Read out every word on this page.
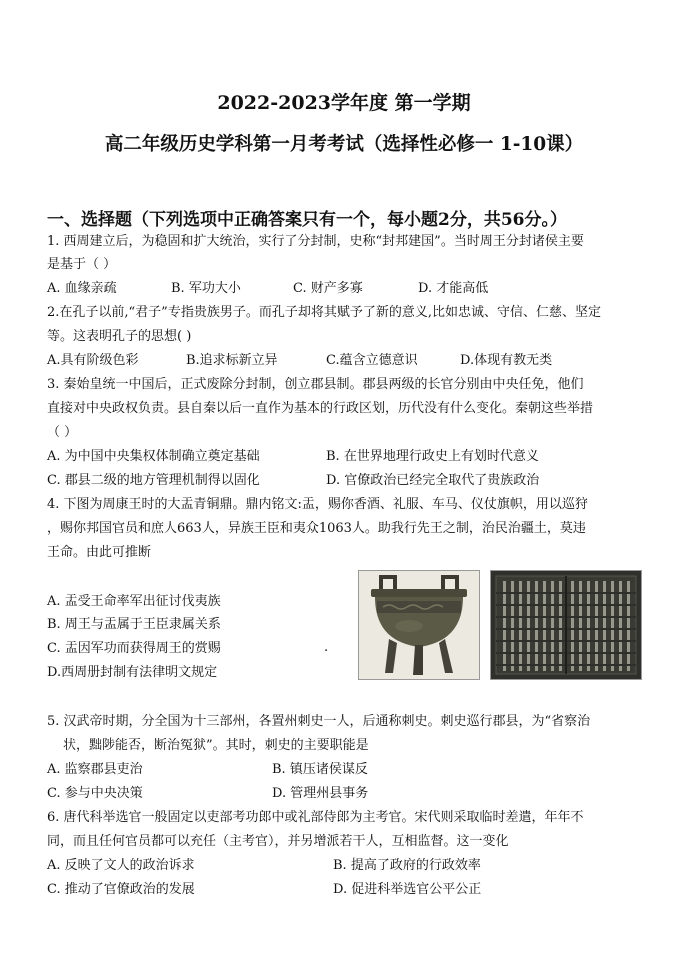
2022-2023学年度 第一学期
高二年级历史学科第一月考考试（选择性必修一 1-10课）
一、选择题（下列选项中正确答案只有一个，每小题2分，共56分。）
1. 西周建立后，为稳固和扩大统治，实行了分封制，史称“封邦建国”。当时周王分封诸侯主要
是基于（ ）
A. 血缘亲疏	B. 军功大小	C. 财产多寡	D. 才能高低
2.在孔子以前,“君子”专指贵族男子。而孔子却将其赋予了新的意义,比如忠诚、守信、仁慈、坚定
等。这表明孔子的思想( )
A.具有阶级色彩	B.追求标新立异	C.蕴含立德意识	D.体现有教无类
3. 秦始皇统一中国后，正式废除分封制，创立郡县制。郡县两级的长官分别由中央任免，他们
直接对中央政权负责。县自秦以后一直作为基本的行政区划，历代没有什么变化。秦朝这些举措
（ ）
A. 为中国中央集权体制确立奠定基础	B. 在世界地理行政史上有划时代意义
C. 郡县二级的地方管理机制得以固化	D. 官僚政治已经完全取代了贵族政治
4. 下图为周康王时的大盂青铜鼎。鼎内铭文:盂，赐你香酒、礼服、车马、仪仗旗帜，用以巡狩
，赐你邦国官员和庶人663人，异族王臣和夷众1063人。助我行先王之制，治民治疆土，莫违
王命。由此可推断
A. 盂受王命率军出征讨伐夷族
B. 周王与盂属于王臣隶属关系
C. 盂因军功而获得周王的赏赐
D.西周册封制有法律明文规定
.
5. 汉武帝时期，分全国为十三部州，各置州刺史一人，后通称刺史。刺史巡行郡县，为“省察治
状，黜陟能否，断治冤狱”。其时，刺史的主要职能是
A. 监察郡县吏治	B. 镇压诸侯谋反
C. 参与中央决策	D. 管理州县事务
6. 唐代科举选官一般固定以吏部考功郎中或礼部侍郎为主考官。宋代则采取临时差遣，年年不
同，而且任何官员都可以充任（主考官），并另增派若干人，互相监督。这一变化
A. 反映了文人的政治诉求	B. 提高了政府的行政效率
C. 推动了官僚政治的发展	D. 促进科举选官公平公正
